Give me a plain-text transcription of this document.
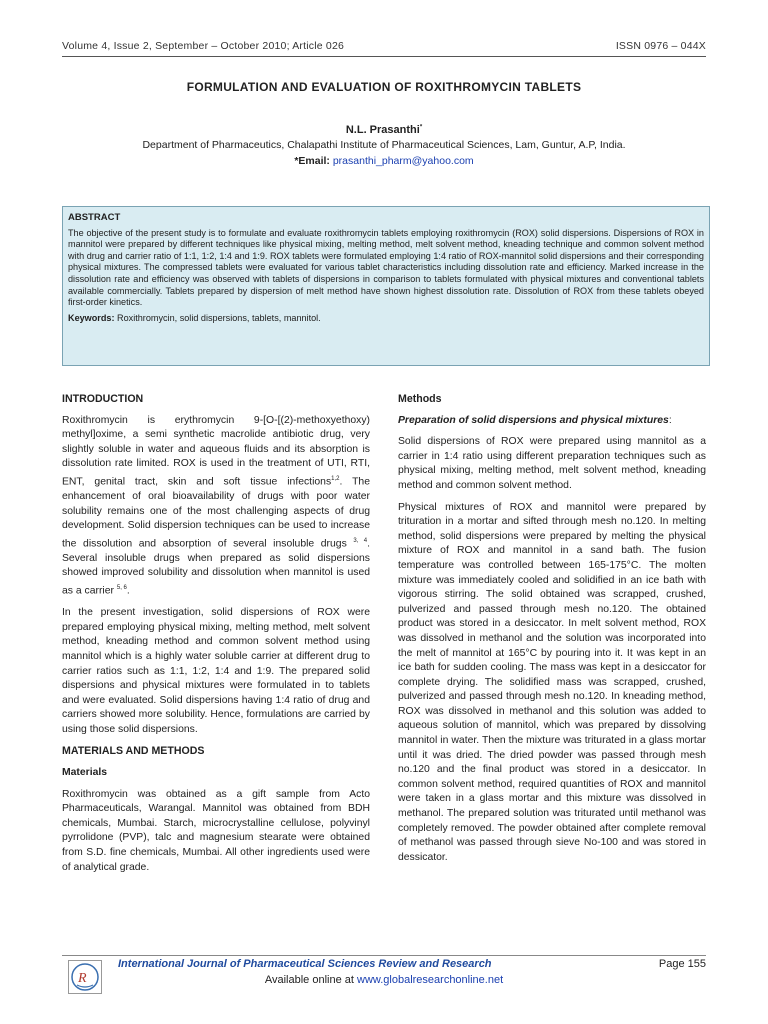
Volume 4, Issue 2, September – October 2010; Article 026	ISSN 0976 – 044X
FORMULATION AND EVALUATION OF ROXITHROMYCIN TABLETS
N.L. Prasanthi*
Department of Pharmaceutics, Chalapathi Institute of Pharmaceutical Sciences, Lam, Guntur, A.P, India.
*Email: prasanthi_pharm@yahoo.com
ABSTRACT
The objective of the present study is to formulate and evaluate roxithromycin tablets employing roxithromycin (ROX) solid dispersions. Dispersions of ROX in mannitol were prepared by different techniques like physical mixing, melting method, melt solvent method, kneading technique and common solvent method with drug and carrier ratio of 1:1, 1:2, 1:4 and 1:9. ROX tablets were formulated employing 1:4 ratio of ROX-mannitol solid dispersions and their corresponding physical mixtures. The compressed tablets were evaluated for various tablet characteristics including dissolution rate and efficiency. Marked increase in the dissolution rate and efficiency was observed with tablets of dispersions in comparison to tablets formulated with physical mixtures and conventional tablets available commercially. Tablets prepared by dispersion of melt method have shown highest dissolution rate. Dissolution of ROX from these tablets obeyed first-order kinetics.
Keywords: Roxithromycin, solid dispersions, tablets, mannitol.
INTRODUCTION
Roxithromycin is erythromycin 9-[O-[(2)-methoxyethoxy) methyl]oxime, a semi synthetic macrolide antibiotic drug, very slightly soluble in water and aqueous fluids and its absorption is dissolution rate limited. ROX is used in the treatment of UTI, RTI, ENT, genital tract, skin and soft tissue infections$^{1,2}$. The enhancement of oral bioavailability of drugs with poor water solubility remains one of the most challenging aspects of drug development. Solid dispersion techniques can be used to increase the dissolution and absorption of several insoluble drugs $^{3, 4}$. Several insoluble drugs when prepared as solid dispersions showed improved solubility and dissolution when mannitol is used as a carrier $^{5, 6}$.
In the present investigation, solid dispersions of ROX were prepared employing physical mixing, melting method, melt solvent method, kneading method and common solvent method using mannitol which is a highly water soluble carrier at different drug to carrier ratios such as 1:1, 1:2, 1:4 and 1:9. The prepared solid dispersions and physical mixtures were formulated in to tablets and were evaluated. Solid dispersions having 1:4 ratio of drug and carriers showed more solubility. Hence, formulations are carried by using those solid dispersions.
MATERIALS AND METHODS
Materials
Roxithromycin was obtained as a gift sample from Acto Pharmaceuticals, Warangal. Mannitol was obtained from BDH chemicals, Mumbai. Starch, microcrystalline cellulose, polyvinyl pyrrolidone (PVP), talc and magnesium stearate were obtained from S.D. fine chemicals, Mumbai. All other ingredients used were of analytical grade.
Methods
Preparation of solid dispersions and physical mixtures:
Solid dispersions of ROX were prepared using mannitol as a carrier in 1:4 ratio using different preparation techniques such as physical mixing, melting method, melt solvent method, kneading method and common solvent method.
Physical mixtures of ROX and mannitol were prepared by trituration in a mortar and sifted through mesh no.120. In melting method, solid dispersions were prepared by melting the physical mixture of ROX and mannitol in a sand bath. The fusion temperature was controlled between 165-175°C. The molten mixture was immediately cooled and solidified in an ice bath with vigorous stirring. The solid obtained was scrapped, crushed, pulverized and passed through mesh no.120. The obtained product was stored in a desiccator. In melt solvent method, ROX was dissolved in methanol and the solution was incorporated into the melt of mannitol at 165°C by pouring into it. It was kept in an ice bath for sudden cooling. The mass was kept in a desiccator for complete drying. The solidified mass was scrapped, crushed, pulverized and passed through mesh no.120. In kneading method, ROX was dissolved in methanol and this solution was added to aqueous solution of mannitol, which was prepared by dissolving mannitol in water. Then the mixture was triturated in a glass mortar until it was dried. The dried powder was passed through mesh no.120 and the final product was stored in a desiccator. In common solvent method, required quantities of ROX and mannitol were taken in a glass mortar and this mixture was dissolved in methanol. The prepared solution was triturated until methanol was completely removed. The powder obtained after complete removal of methanol was passed through sieve No-100 and was stored in dessicator.
R
International Journal of Pharmaceutical Sciences Review and Research	Page 155
Available online at www.globalresearchonline.net
